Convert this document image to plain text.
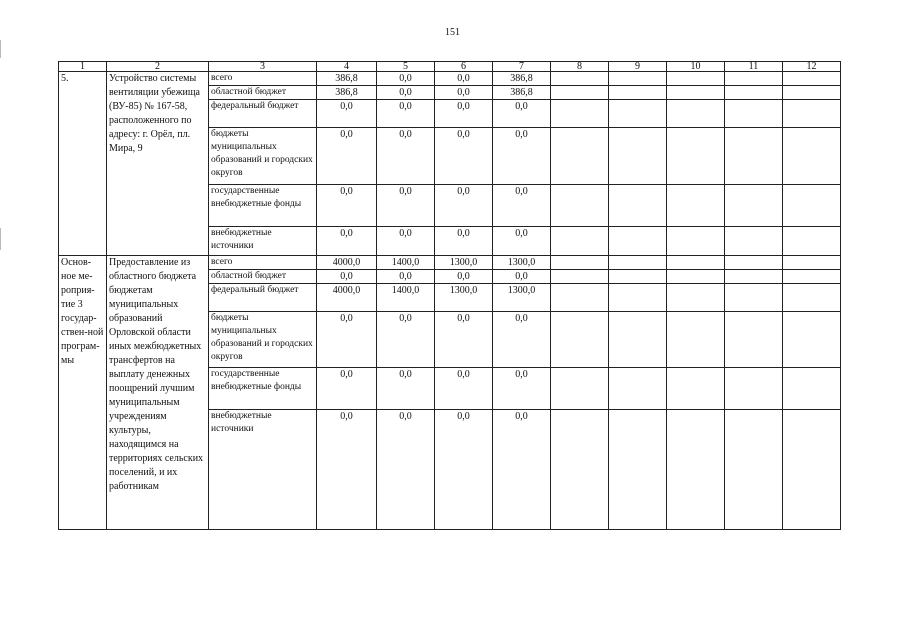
151
1	2	3	4	5	6	7	8	9	10	11	12
5.	Устройство системы вентиляции убежища (ВУ-85) № 167-58, расположенного по адресу: г. Орёл, пл. Мира, 9	всего	386,8	0,0	0,0	386,8					
		областной бюджет	386,8	0,0	0,0	386,8					
		федеральный бюджет	0,0	0,0	0,0	0,0					
		бюджеты муниципальных образований и городских округов	0,0	0,0	0,0	0,0					
		государственные внебюджетные фонды	0,0	0,0	0,0	0,0					
		внебюджетные источники	0,0	0,0	0,0	0,0					
Основ-ное ме-роприя-тие 3 государ-ствен-ной програм-мы	Предоставление из областного бюджета бюджетам муниципальных образований Орловской области иных межбюджетных трансфертов на выплату денежных поощрений лучшим муниципальным учреждениям культуры, находящимся на территориях сельских поселений, и их работникам	всего	4000,0	1400,0	1300,0	1300,0					
		областной бюджет	0,0	0,0	0,0	0,0					
		федеральный бюджет	4000,0	1400,0	1300,0	1300,0					
		бюджеты муниципальных образований и городских округов	0,0	0,0	0,0	0,0					
		государственные внебюджетные фонды	0,0	0,0	0,0	0,0					
		внебюджетные источники	0,0	0,0	0,0	0,0					
